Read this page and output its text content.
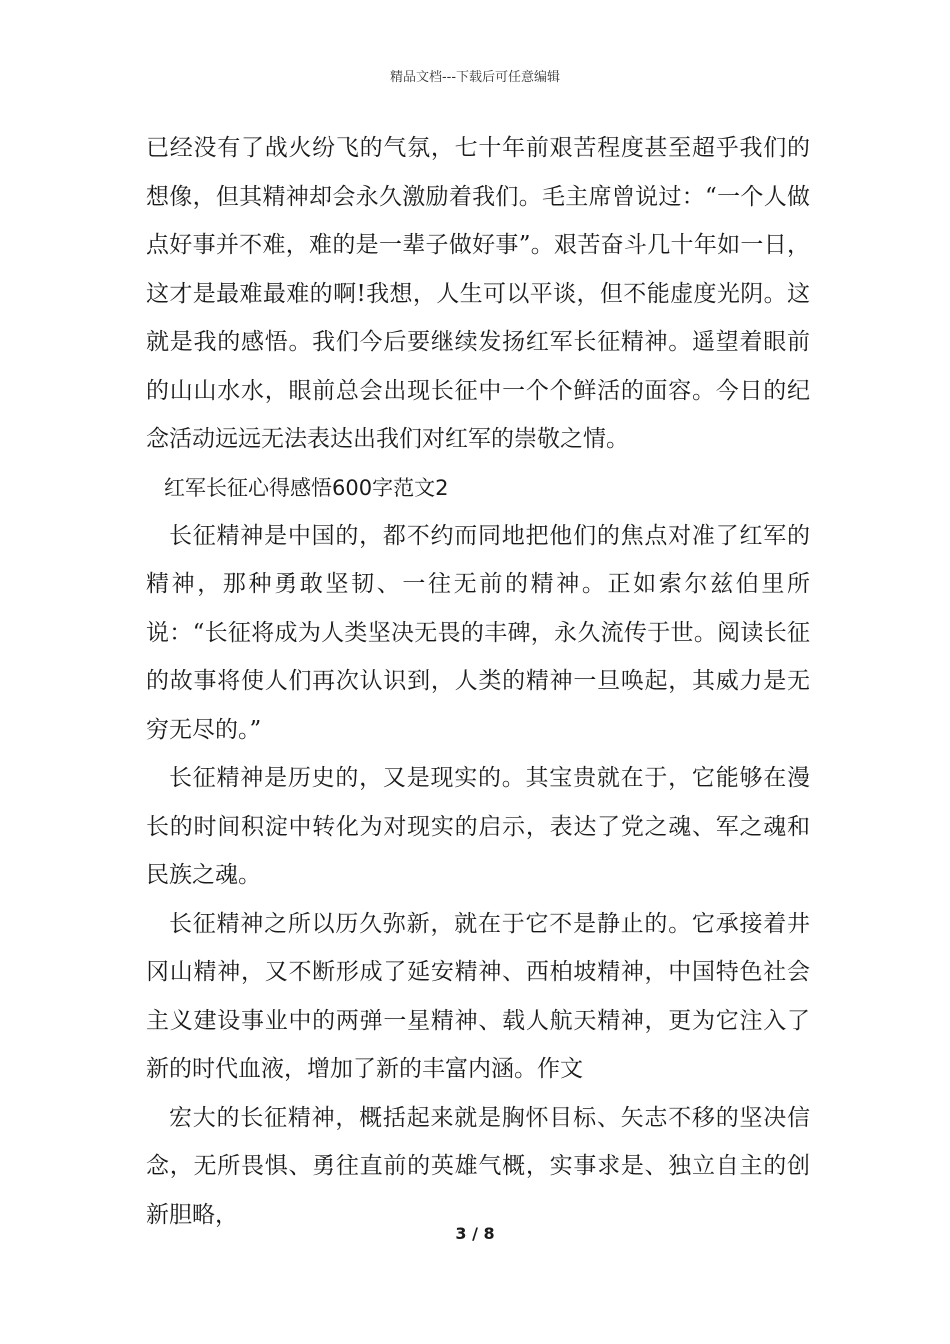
精品文档---下载后可任意编辑

已经没有了战火纷飞的气氛，七十年前艰苦程度甚至超乎我们的想像，但其精神却会永久激励着我们。毛主席曾说过：“一个人做点好事并不难，难的是一辈子做好事”。艰苦奋斗几十年如一日，这才是最难最难的啊!我想，人生可以平谈，但不能虚度光阴。这就是我的感悟。我们今后要继续发扬红军长征精神。遥望着眼前的山山水水，眼前总会出现长征中一个个鲜活的面容。今日的纪念活动远远无法表达出我们对红军的崇敬之情。

红军长征心得感悟600字范文2

长征精神是中国的，都不约而同地把他们的焦点对准了红军的精神，那种勇敢坚韧、一往无前的精神。正如索尔兹伯里所说：“长征将成为人类坚决无畏的丰碑，永久流传于世。阅读长征的故事将使人们再次认识到，人类的精神一旦唤起，其威力是无穷无尽的。”

长征精神是历史的，又是现实的。其宝贵就在于，它能够在漫长的时间积淀中转化为对现实的启示，表达了党之魂、军之魂和民族之魂。

长征精神之所以历久弥新，就在于它不是静止的。它承接着井冈山精神，又不断形成了延安精神、西柏坡精神，中国特色社会主义建设事业中的两弹一星精神、载人航天精神，更为它注入了新的时代血液，增加了新的丰富内涵。作文

宏大的长征精神，概括起来就是胸怀目标、矢志不移的坚决信念，无所畏惧、勇往直前的英雄气概，实事求是、独立自主的创新胆略，

3 / 8
